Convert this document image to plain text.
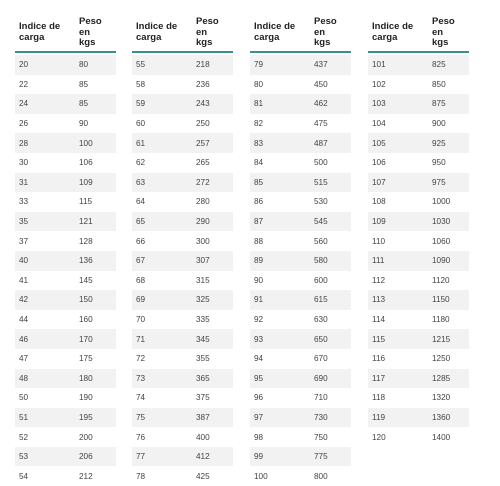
Indice de
carga
Peso
en
kgs
20	80
22	85
24	85
26	90
28	100
30	106
31	109
33	115
35	121
37	128
40	136
41	145
42	150
44	160
46	170
47	175
48	180
50	190
51	195
52	200
53	206
54	212
Indice de
carga
Peso
en
kgs
55	218
58	236
59	243
60	250
61	257
62	265
63	272
64	280
65	290
66	300
67	307
68	315
69	325
70	335
71	345
72	355
73	365
74	375
75	387
76	400
77	412
78	425
Indice de
carga
Peso
en
kgs
79	437
80	450
81	462
82	475
83	487
84	500
85	515
86	530
87	545
88	560
89	580
90	600
91	615
92	630
93	650
94	670
95	690
96	710
97	730
98	750
99	775
100	800
Indice de
carga
Peso
en
kgs
101	825
102	850
103	875
104	900
105	925
106	950
107	975
108	1000
109	1030
110	1060
111	1090
112	1120
113	1150
114	1180
115	1215
116	1250
117	1285
118	1320
119	1360
120	1400
